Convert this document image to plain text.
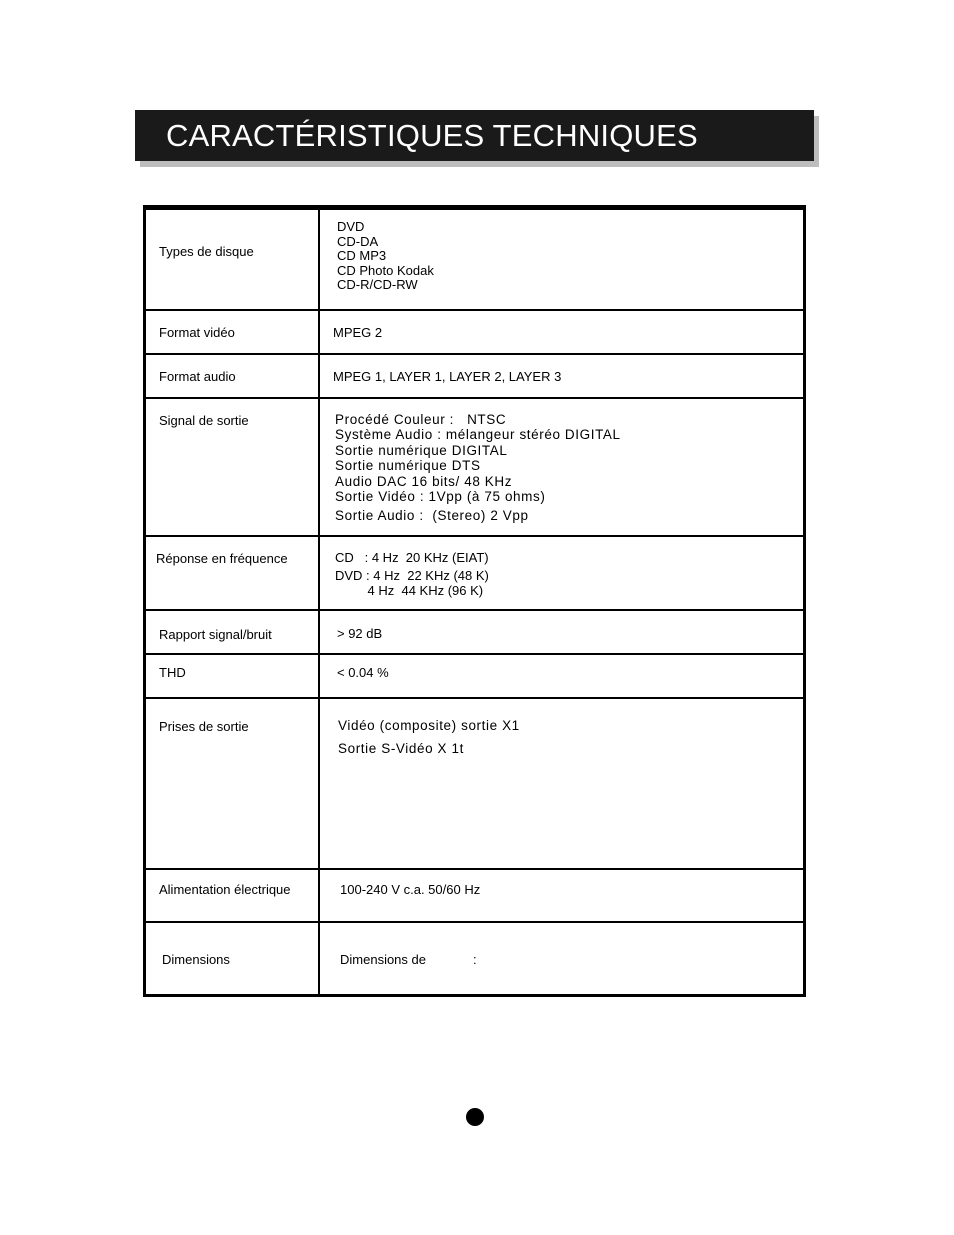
CARACTÉRISTIQUES TECHNIQUES
Types de disque
DVD
CD-DA
CD MP3
CD Photo Kodak
CD-R/CD-RW
Format vidéo	MPEG 2
Format audio	MPEG 1, LAYER 1, LAYER 2, LAYER 3
Signal de sortie	Procédé Couleur :   NTSC
Système Audio : mélangeur stéréo DIGITAL
Sortie numérique DIGITAL
Sortie numérique DTS
Audio DAC 16 bits/ 48 KHz
Sortie Vidéo : 1Vpp (à 75 ohms)
Sortie Audio :  (Stereo) 2 Vpp
Réponse en fréquence	CD   : 4 Hz  20 KHz (EIAT)
DVD : 4 Hz  22 KHz (48 K)
4 Hz  44 KHz (96 K)
Rapport signal/bruit	> 92 dB
THD	< 0.04 %
Prises de sortie	Vidéo (composite) sortie X1
Sortie S-Vidéo X 1t
Alimentation électrique	100-240 V c.a. 50/60 Hz
Dimensions	Dimensions de             :
